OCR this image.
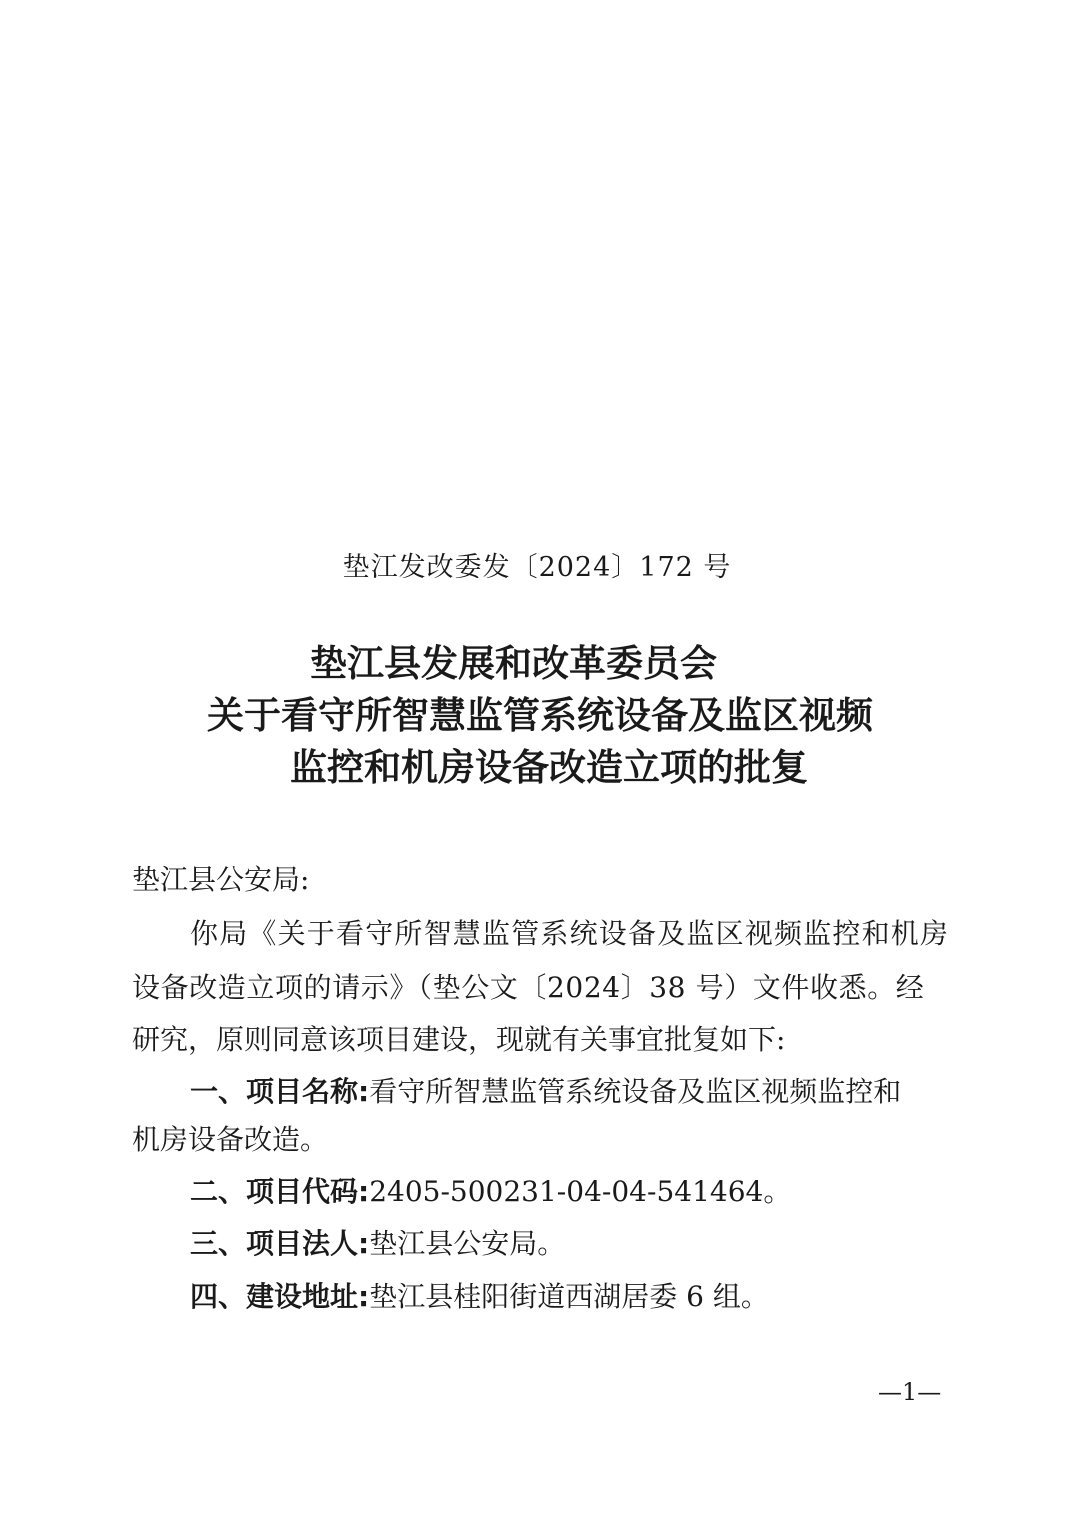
垫江发改委发〔2024〕172 号
垫江县发展和改革委员会
关于看守所智慧监管系统设备及监区视频
监控和机房设备改造立项的批复
垫江县公安局:
你局《关于看守所智慧监管系统设备及监区视频监控和机房
设备改造立项的请示》（垫公文〔2024〕38 号）文件收悉。经
研究，原则同意该项目建设，现就有关事宜批复如下:
一、项目名称:看守所智慧监管系统设备及监区视频监控和
机房设备改造。
二、项目代码:2405-500231-04-04-541464。
三、项目法人:垫江县公安局。
四、建设地址:垫江县桂阳街道西湖居委 6 组。
—1—
